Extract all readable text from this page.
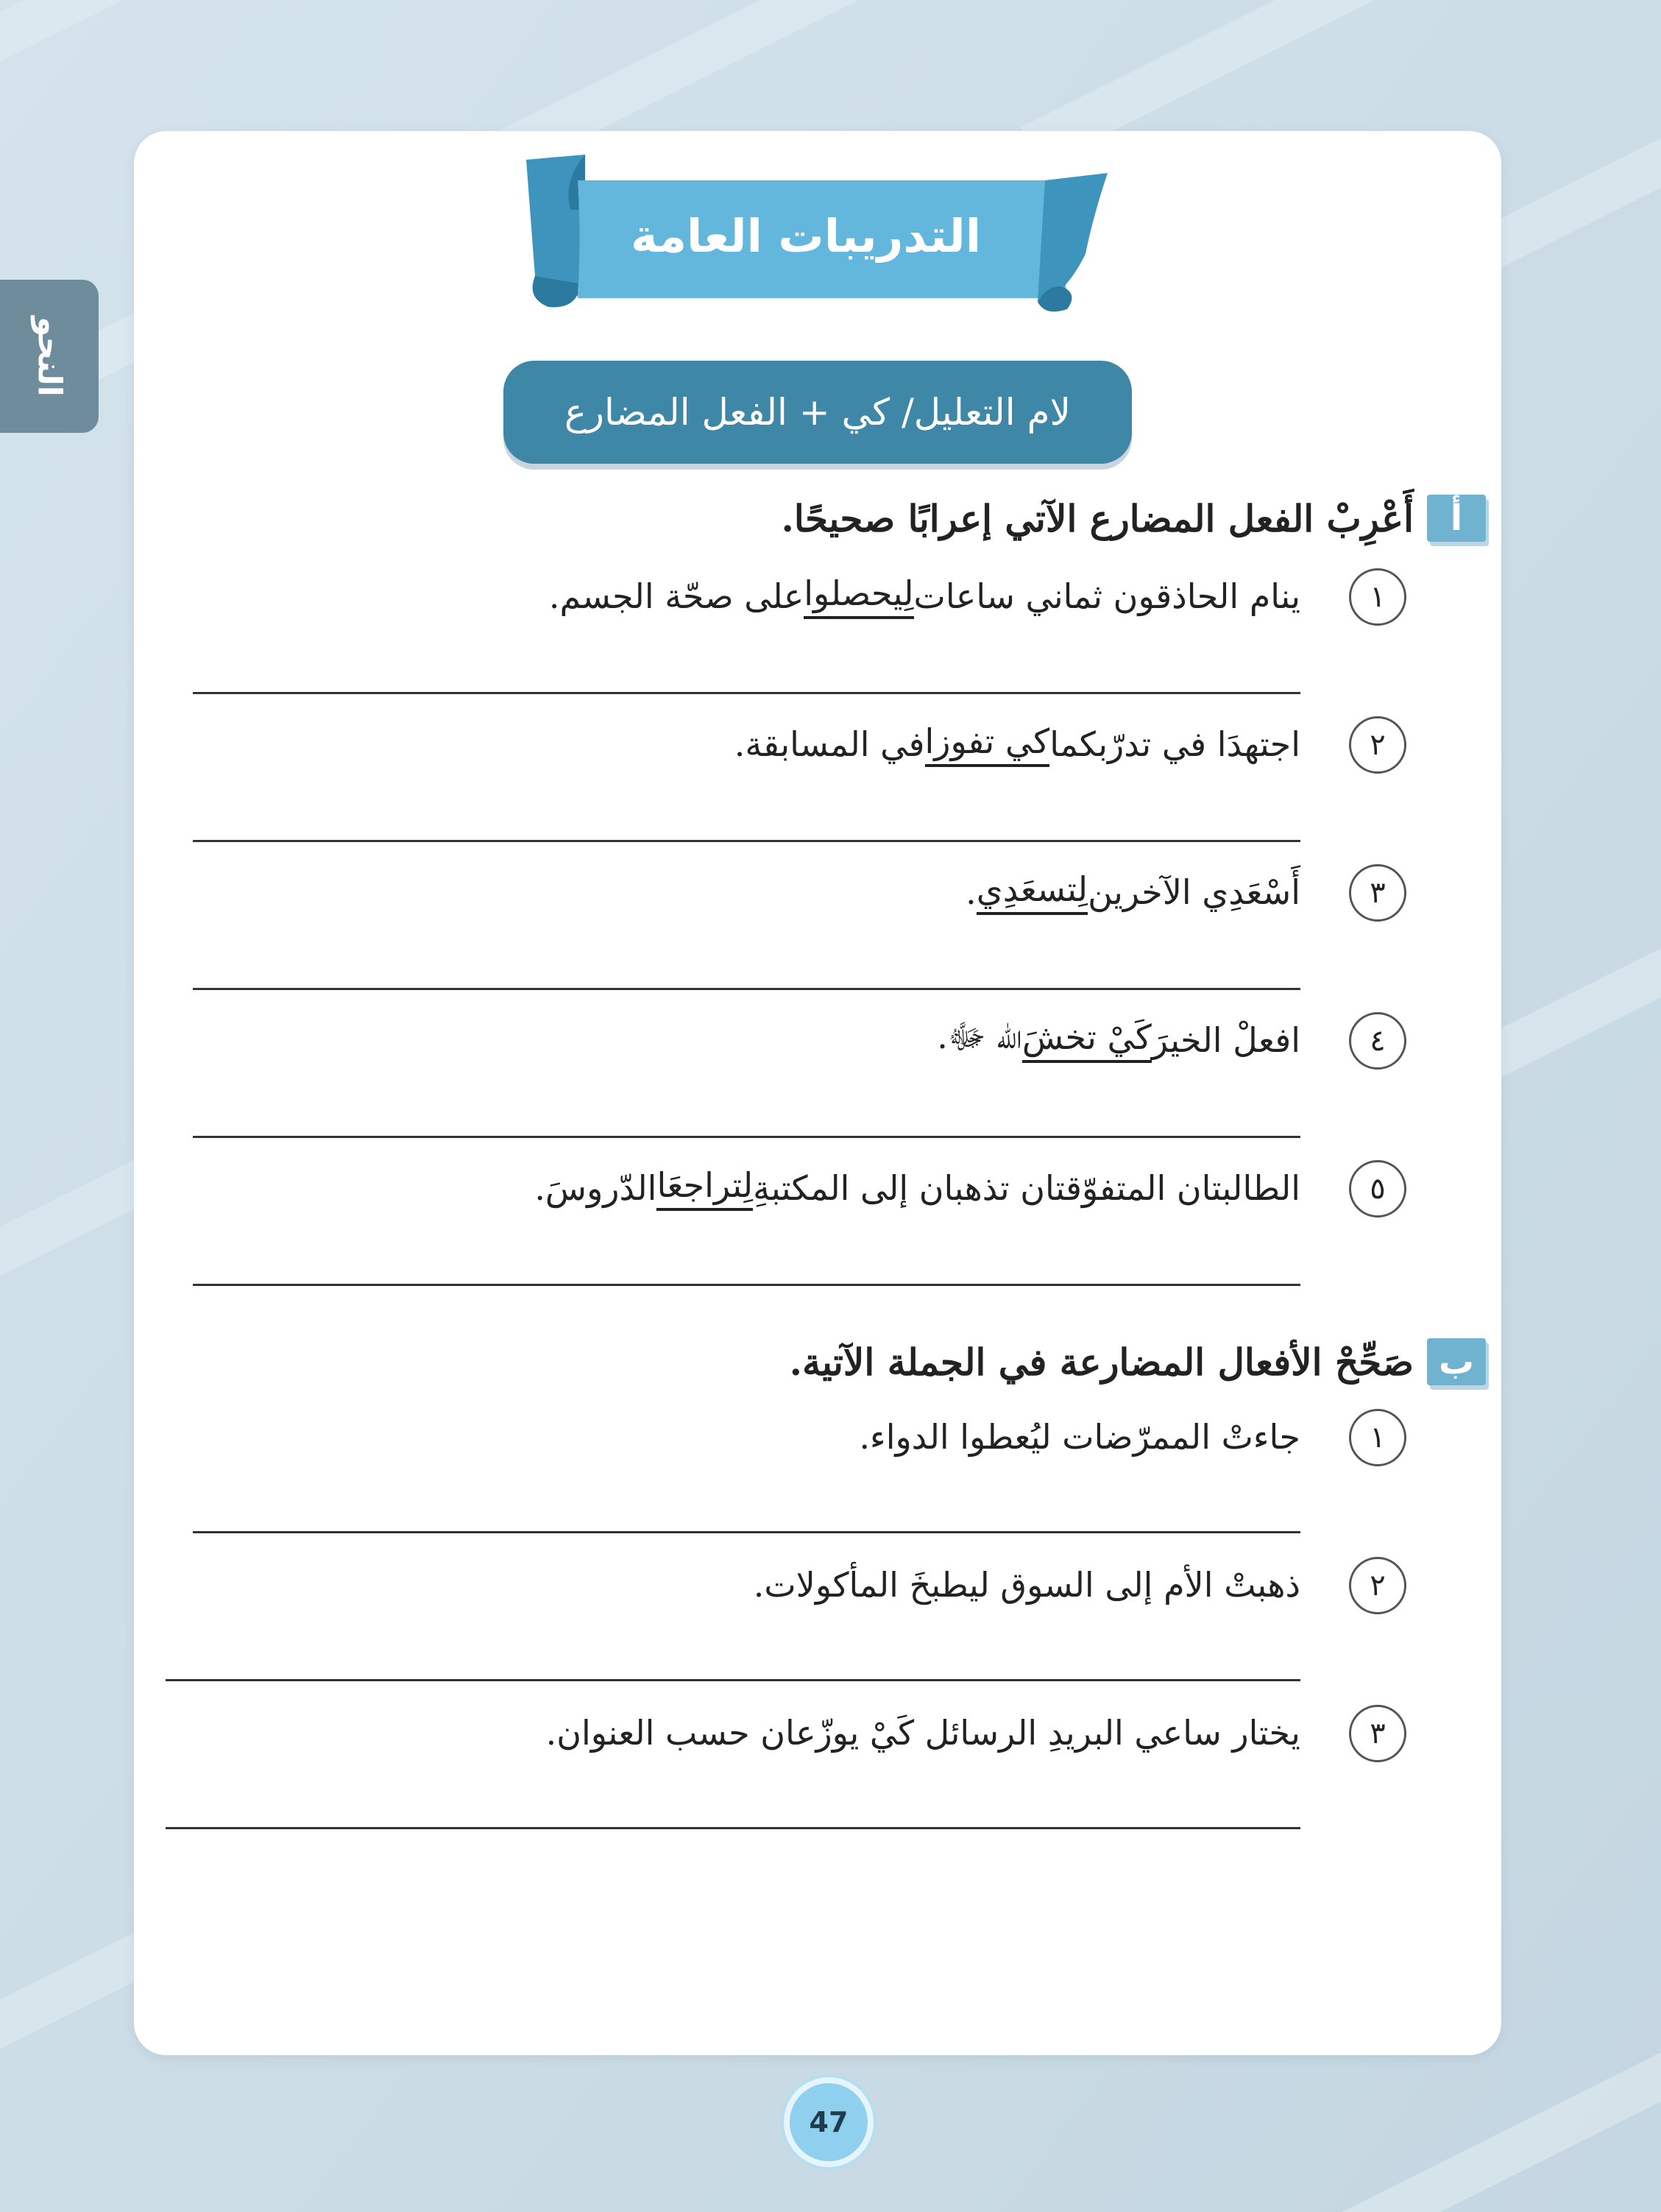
النحو
التدريبات العامة
لام التعليل/ كي + الفعل المضارع
أ
أَعْرِبْ الفعل المضارع الآتي إعرابًا صحيحًا.
١
ينام الحاذقون ثماني ساعات
لِيحصلوا
على صحّة الجسم.
٢
اجتهدَا في تدرّبكما
كي تفوزا
في المسابقة.
٣
أَسْعَدِي الآخرين
لِتسعَدِي
.
٤
افعلْ الخيرَ
كَيْ تخشَ
الله ﷻ.
٥
الطالبتان المتفوّقتان تذهبان إلى المكتبةِ
لِتراجعَا
الدّروسَ.
ب
صَحِّحْ الأفعال المضارعة في الجملة الآتية.
١
جاءتْ الممرّضات ليُعطوا الدواء.
٢
ذهبتْ الأم إلى السوق ليطبخَ المأكولات.
٣
يختار ساعي البريدِ الرسائل كَيْ يوزّعان حسب العنوان.
47
